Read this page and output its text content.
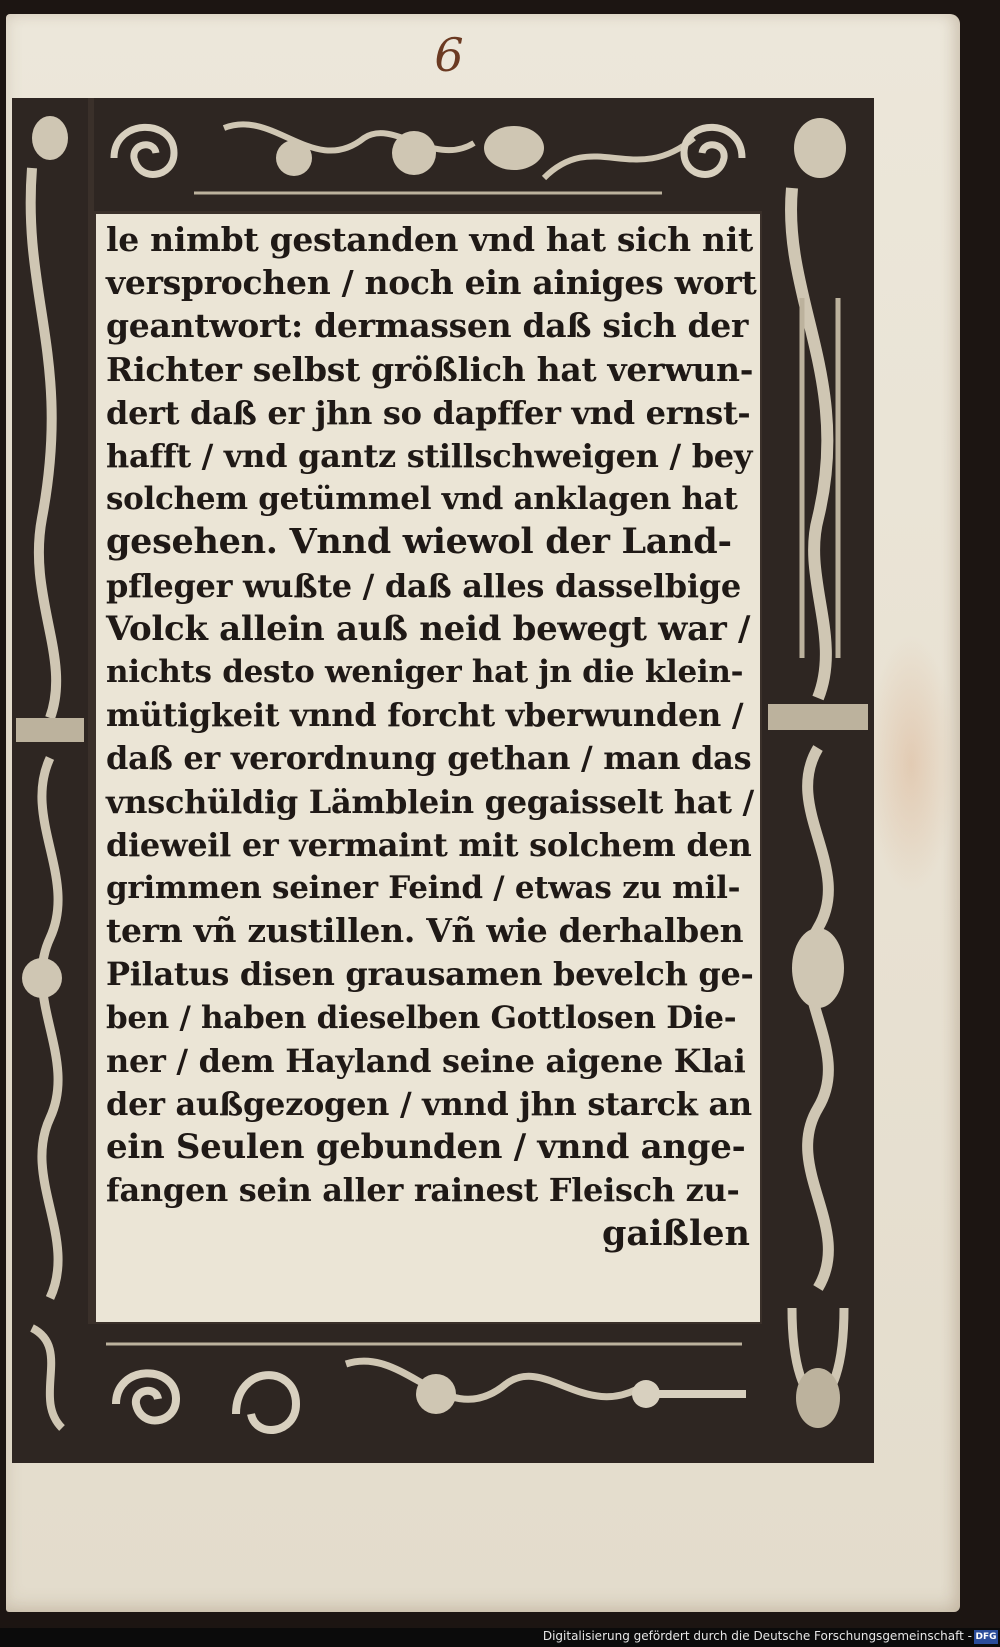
6
le nimbt gestanden vnd hat sich nit
versprochen / noch ein ainiges wort
geantwort: dermassen daß sich der
Richter selbst größlich hat verwun-
dert daß er jhn so dapffer vnd ernst-
hafft / vnd gantz stillschweigen / bey
solchem getümmel vnd anklagen hat
gesehen. Vnnd wiewol der Land-
pfleger wußte / daß alles dasselbige
Volck allein auß neid bewegt war /
nichts desto weniger hat jn die klein-
mütigkeit vnnd forcht vberwunden /
daß er verordnung gethan / man das
vnschüldig Lämblein gegaisselt hat /
dieweil er vermaint mit solchem den
grimmen seiner Feind / etwas zu mil-
tern vñ zustillen. Vñ wie derhalben
Pilatus disen grausamen bevelch ge-
ben / haben dieselben Gottlosen Die-
ner / dem Hayland seine aigene Klai
der außgezogen / vnnd jhn starck an
ein Seulen gebunden / vnnd ange-
fangen sein aller rainest Fleisch zu-
gaißlen
Digitalisierung gefördert durch die Deutsche Forschungsgemeinschaft - DFG
